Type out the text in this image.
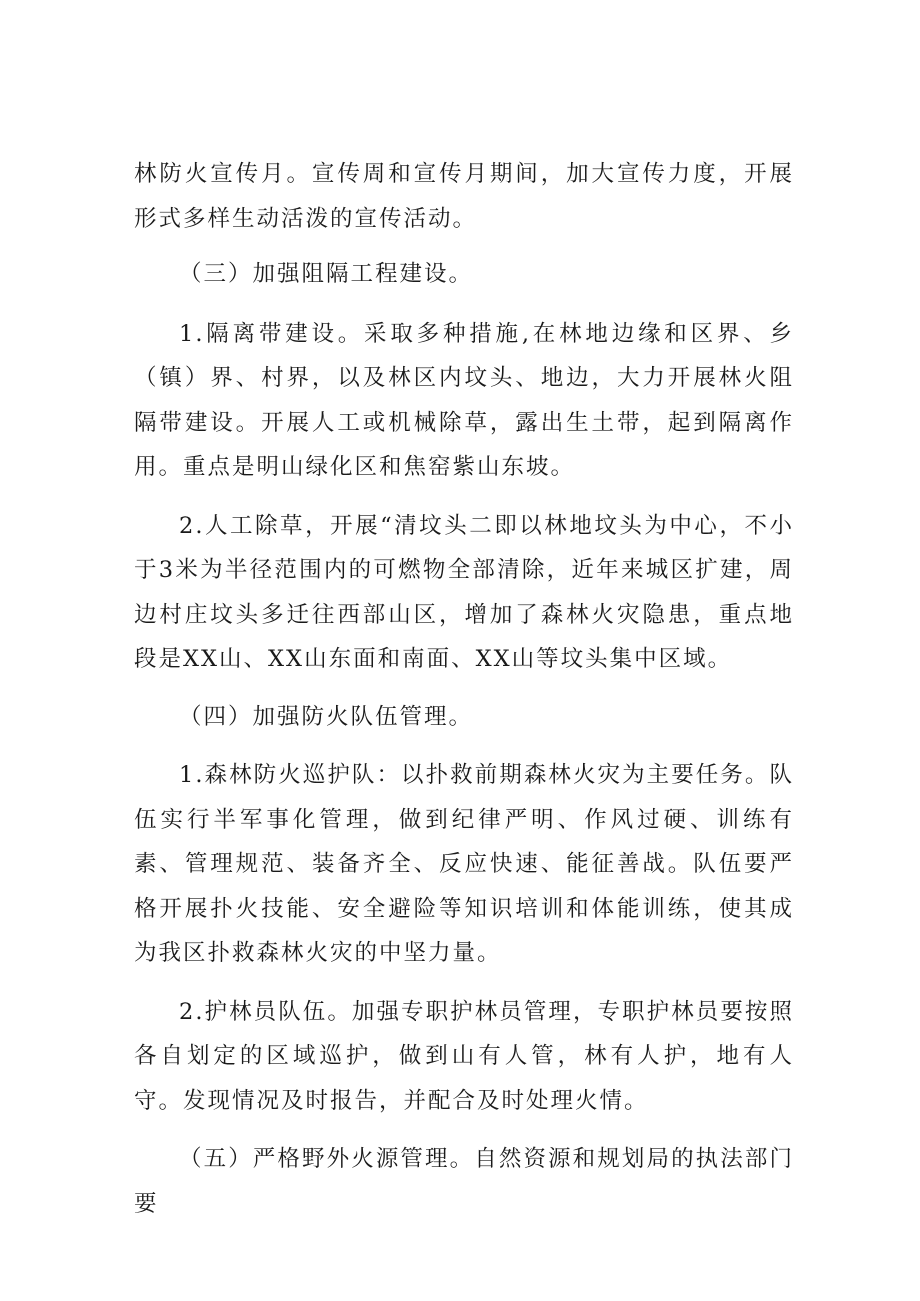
林防火宣传月。宣传周和宣传月期间，加大宣传力度，开展形式多样生动活泼的宣传活动。

（三）加强阻隔工程建设。

1.隔离带建设。采取多种措施,在林地边缘和区界、乡（镇）界、村界，以及林区内坟头、地边，大力开展林火阻隔带建设。开展人工或机械除草，露出生土带，起到隔离作用。重点是明山绿化区和焦窑紫山东坡。

2.人工除草，开展“清坟头二即以林地坟头为中心，不小于3米为半径范围内的可燃物全部清除，近年来城区扩建，周边村庄坟头多迁往西部山区，增加了森林火灾隐患，重点地段是XX山、XX山东面和南面、XX山等坟头集中区域。

（四）加强防火队伍管理。

1.森林防火巡护队：以扑救前期森林火灾为主要任务。队伍实行半军事化管理，做到纪律严明、作风过硬、训练有素、管理规范、装备齐全、反应快速、能征善战。队伍要严格开展扑火技能、安全避险等知识培训和体能训练，使其成为我区扑救森林火灾的中坚力量。

2.护林员队伍。加强专职护林员管理，专职护林员要按照各自划定的区域巡护，做到山有人管，林有人护，地有人守。发现情况及时报告，并配合及时处理火情。

（五）严格野外火源管理。自然资源和规划局的执法部门要
